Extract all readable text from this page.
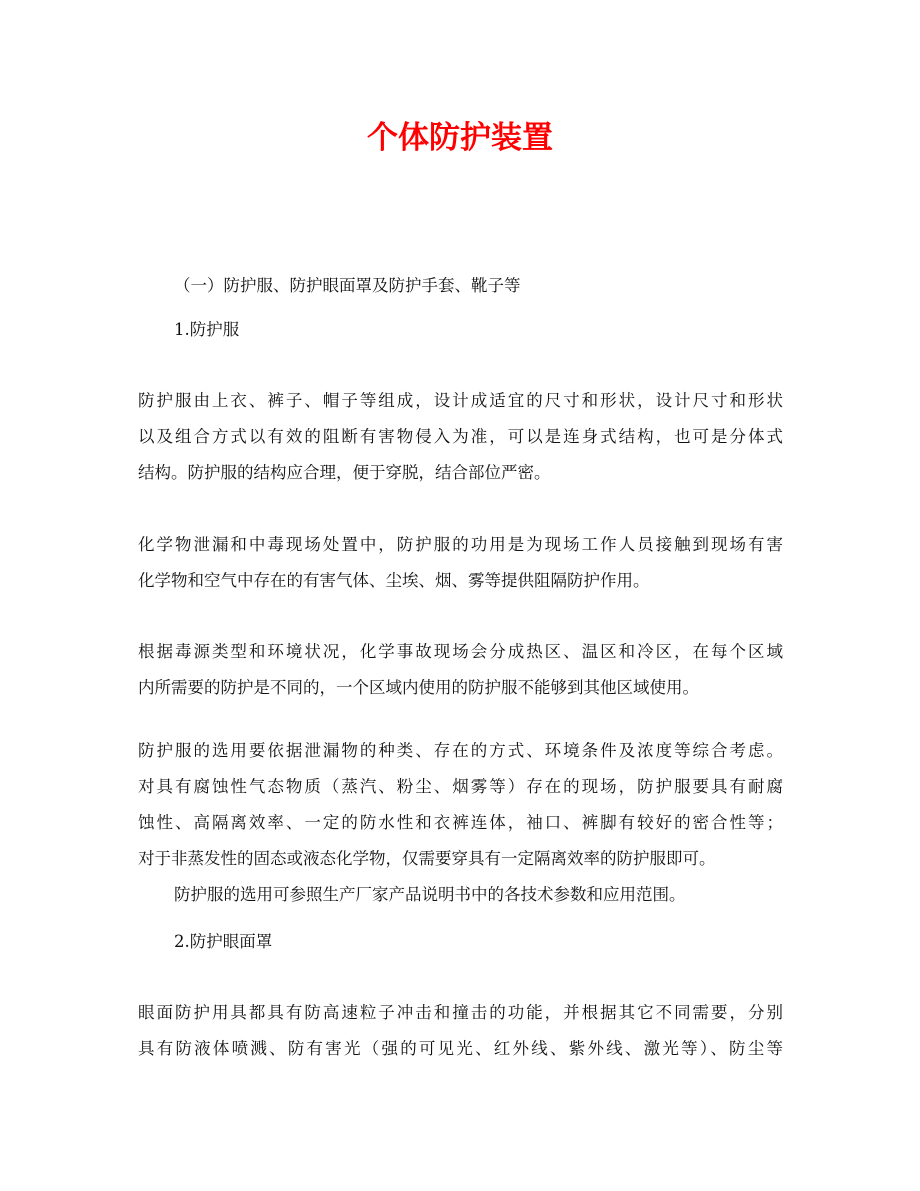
个体防护装置

（一）防护服、防护眼面罩及防护手套、靴子等

1.防护服

防护服由上衣、裤子、帽子等组成，设计成适宜的尺寸和形状，设计尺寸和形状
以及组合方式以有效的阻断有害物侵入为准，可以是连身式结构，也可是分体式
结构。防护服的结构应合理，便于穿脱，结合部位严密。
化学物泄漏和中毒现场处置中，防护服的功用是为现场工作人员接触到现场有害
化学物和空气中存在的有害气体、尘埃、烟、雾等提供阻隔防护作用。
根据毒源类型和环境状况，化学事故现场会分成热区、温区和冷区，在每个区域
内所需要的防护是不同的，一个区域内使用的防护服不能够到其他区域使用。
防护服的选用要依据泄漏物的种类、存在的方式、环境条件及浓度等综合考虑。
对具有腐蚀性气态物质（蒸汽、粉尘、烟雾等）存在的现场，防护服要具有耐腐
蚀性、高隔离效率、一定的防水性和衣裤连体，袖口、裤脚有较好的密合性等；
对于非蒸发性的固态或液态化学物，仅需要穿具有一定隔离效率的防护服即可。

防护服的选用可参照生产厂家产品说明书中的各技术参数和应用范围。

2.防护眼面罩

眼面防护用具都具有防高速粒子冲击和撞击的功能，并根据其它不同需要，分别
具有防液体喷溅、防有害光（强的可见光、红外线、紫外线、激光等）、防尘等
